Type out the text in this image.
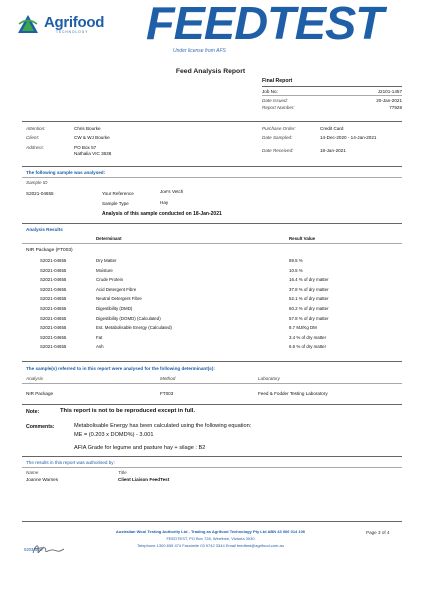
Agrifood
TECHNOLOGY FEEDTEST
Under license from AFS
Feed Analysis Report
Final Report
Job No:	J2101-1457
Date Issued:	20-Jan-2021
Report Number:	77928
Attention:	Chris Bourke
Client:	CW & WJ Bourke
Address:	PO Box 57
Nathalia VIC 3638
Purchase Order:	Credit Card
Date Sampled:	14-Dec-2020 - 14-Jan-2021
Date Received:	18-Jan-2021
The following sample was analysed:
Sample ID
S2021-04655	Your Reference	Joe's Vetch
Sample Type	Hay
Analysis of this sample conducted on 18-Jan-2021
Analysis Results
Determinant	Result Value
NIR Package (FT003)
S2021-04655	Dry Matter	89.5 %
S2021-04655	Moisture	10.5 %
S2021-04655	Crude Protein	16.4 % of dry matter
S2021-04655	Acid Detergent Fibre	37.8 % of dry matter
S2021-04655	Neutral Detergent Fibre	52.1 % of dry matter
S2021-04655	Digestibility (DMD)	60.2 % of dry matter
S2021-04655	Digestibility (DOMD) (Calculated)	57.8 % of dry matter
S2021-04655	Est. Metabolisable Energy (Calculated)	8.7 MJ/Kg DM
S2021-04655	Fat	3.4 % of dry matter
S2021-04655	Ash	6.5 % of dry matter
The sample(s) referred to in this report were analysed for the following determinant(s):
Analysis	Method	Laboratory
NIR Package	FT003	Feed & Fodder Testing Laboratory
Note:	This report is not to be reproduced except in full.
Comments:	Metabolisable Energy has been calculated using the following equation:
ME = (0.203 x DOMD%) - 3.001
AFIA Grade for legume and pasture hay + silage : B2
The results in this report was authorised by:
Name
Joanne Warnes
Title
Client Liaison FeedTest
Australian Wool Testing Authority Ltd - Trading as Agrifood Technology Pty Ltd ABN 43 006 014 106
FEEDTEST, PO Box 728, Werribee, Victoria 3030
Telephone 1300 655 474 Facsimile 03 9742 3344 Email feedtest@agrifood.com.au
Page 3 of 4
0203/8/09
